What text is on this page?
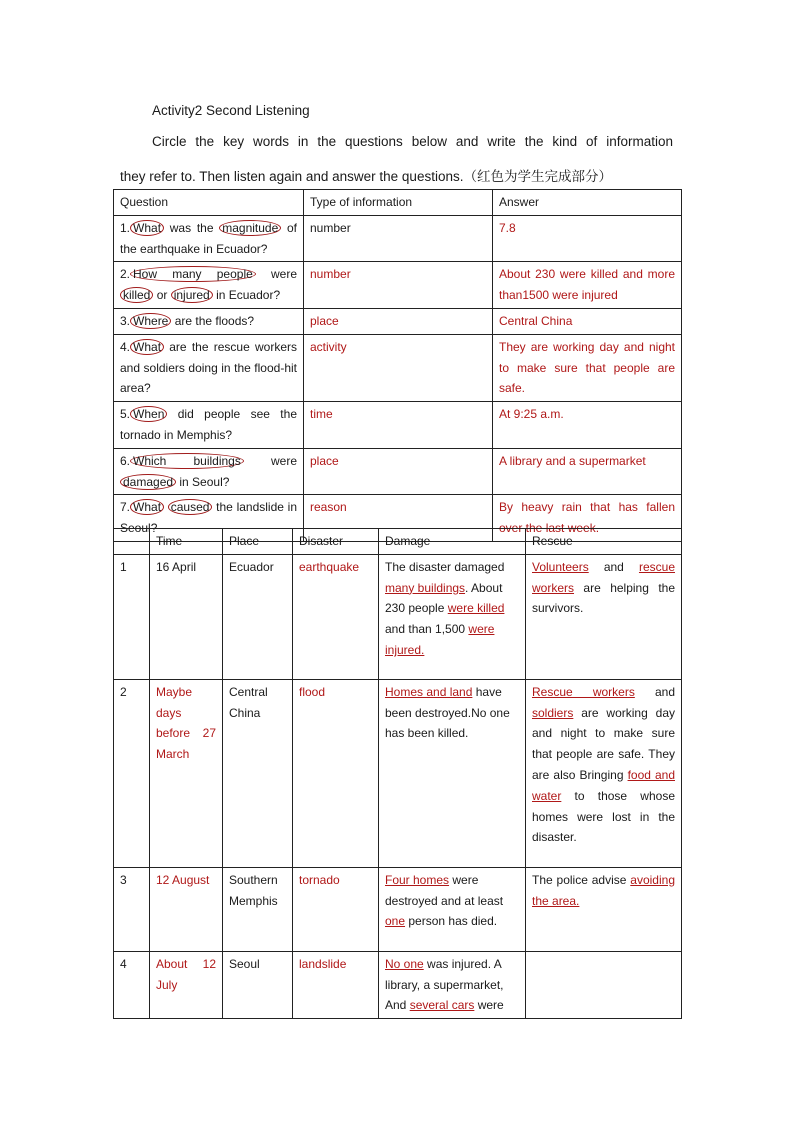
Activity2 Second Listening
Circle the key words in the questions below and write the kind of information
they refer to. Then listen again and answer the questions.（红色为学生完成部分）
Question	Type of information	Answer
1. What was the magnitude of the earthquake in Ecuador?	number	7.8
2. How many people were killed or injured in Ecuador?	number	About 230 were killed and more than1500 were injured
3. Where are the floods?	place	Central China
4. What are the rescue workers and soldiers doing in the flood-hit area?	activity	They are working day and night to make sure that people are safe.
5. When did people see the tornado in Memphis?	time	At 9:25 a.m.
6. Which buildings were damaged in Seoul?	place	A library and a supermarket
7. What caused the landslide in Seoul?	reason	By heavy rain that has fallen over the last week.
	Time	Place	Disaster	Damage	Rescue
1	16 April	Ecuador	earthquake	The disaster damaged many buildings. About 230 people were killed and than 1,500 were injured.	Volunteers and rescue workers are helping the survivors.
2	Maybe days before 27 March	Central China	flood	Homes and land have been destroyed.No one has been killed.	Rescue workers and soldiers are working day and night to make sure that people are safe. They are also Bringing food and water to those whose homes were lost in the disaster.
3	12 August	Southern Memphis	tornado	Four homes were destroyed and at least one person has died.	The police advise avoiding the area.
4	About 12 July	Seoul	landslide	No one was injured. A library, a supermarket, And several cars were	
